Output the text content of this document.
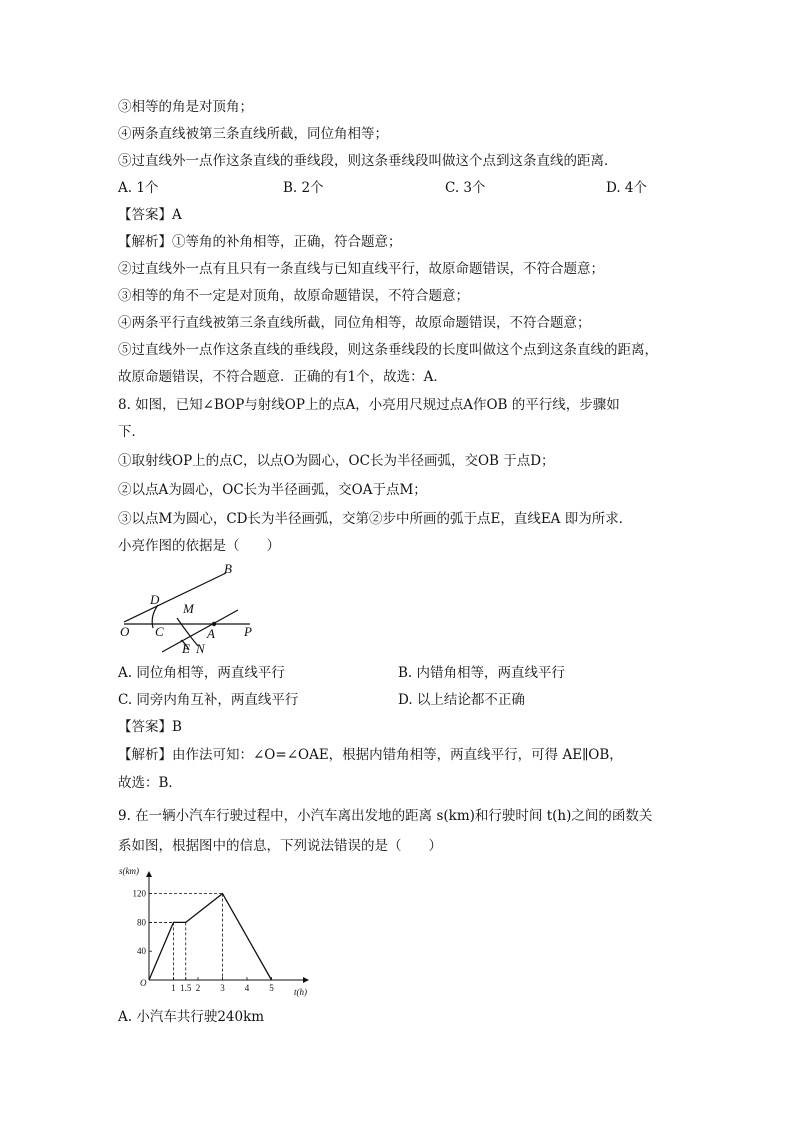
③相等的角是对顶角；
④两条直线被第三条直线所截，同位角相等；
⑤过直线外一点作这条直线的垂线段，则这条垂线段叫做这个点到这条直线的距离．
A. 1个	B. 2个	C. 3个	D. 4个
【答案】A
【解析】①等角的补角相等，正确，符合题意；
②过直线外一点有且只有一条直线与已知直线平行，故原命题错误，不符合题意；
③相等的角不一定是对顶角，故原命题错误，不符合题意；
④两条平行直线被第三条直线所截，同位角相等，故原命题错误，不符合题意；
⑤过直线外一点作这条直线的垂线段，则这条垂线段的长度叫做这个点到这条直线的距离，
故原命题错误，不符合题意．正确的有1个，故选：A．
8. 如图，已知∠BOP与射线OP上的点A，小亮用尺规过点A作OB 的平行线，步骤如
下．
①取射线OP上的点C，以点O为圆心，OC长为半径画弧，交OB 于点D；
②以点A为圆心，OC长为半径画弧，交OA于点M；
③以点M为圆心，CD长为半径画弧，交第②步中所画的弧于点E，直线EA 即为所求．
小亮作图的依据是（　　）
B
D
M
O C	A P
E N
A. 同位角相等，两直线平行	B. 内错角相等，两直线平行
C. 同旁内角互补，两直线平行	D. 以上结论都不正确
【答案】B
【解析】由作法可知：∠O=∠OAE，根据内错角相等，两直线平行，可得 AE∥OB，
故选：B．
9. 在一辆小汽车行驶过程中，小汽车离出发地的距离 s(km)和行驶时间 t(h)之间的函数关
系如图，根据图中的信息，下列说法错误的是（　　）
1 1.5 2 3 4 5
40
80
120
O
s(km)
t(h)
A. 小汽车共行驶240km
